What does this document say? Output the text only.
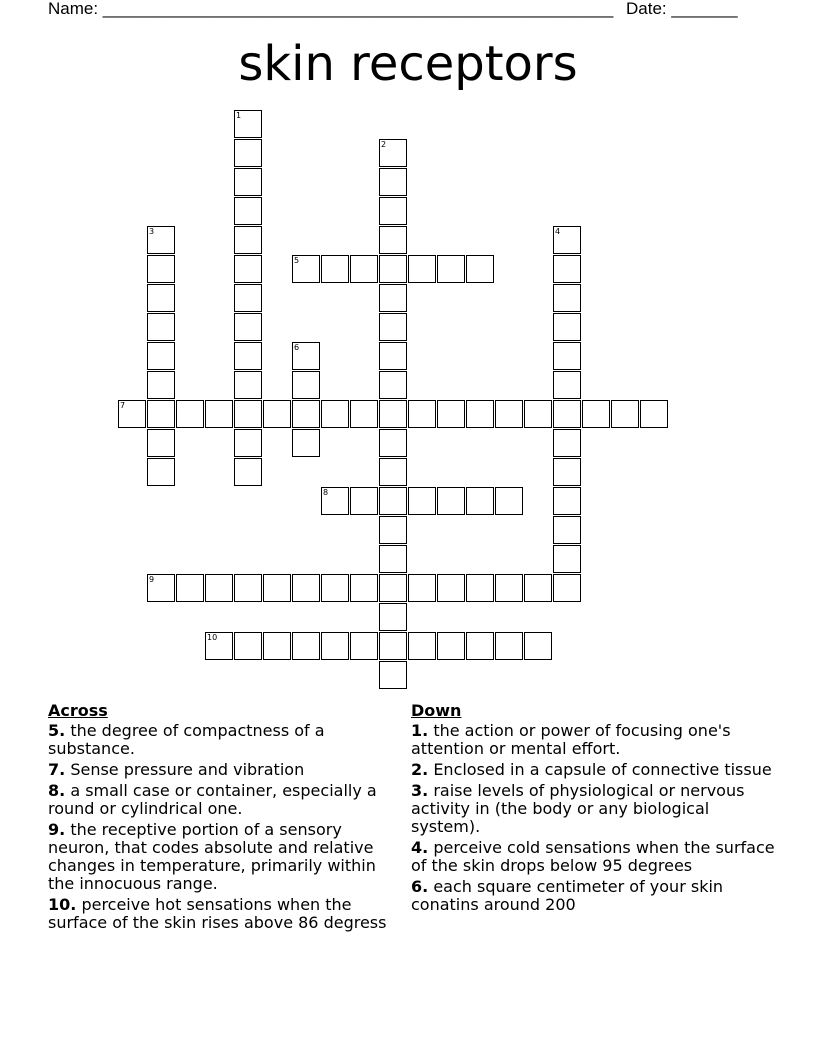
Name: ______________________________________________________ Date: _______
skin receptors
1
2
3	4
5
6
7
8
9
10
Across
5. the degree of compactness of a substance.
7. Sense pressure and vibration
8. a small case or container, especially a round or cylindrical one.
9. the receptive portion of a sensory neuron, that codes absolute and relative changes in temperature, primarily within the innocuous range.
10. perceive hot sensations when the surface of the skin rises above 86 degress
Down
1. the action or power of focusing one's attention or mental effort.
2. Enclosed in a capsule of connective tissue
3. raise levels of physiological or nervous activity in (the body or any biological system).
4. perceive cold sensations when the surface of the skin drops below 95 degrees
6. each square centimeter of your skin conatins around 200
